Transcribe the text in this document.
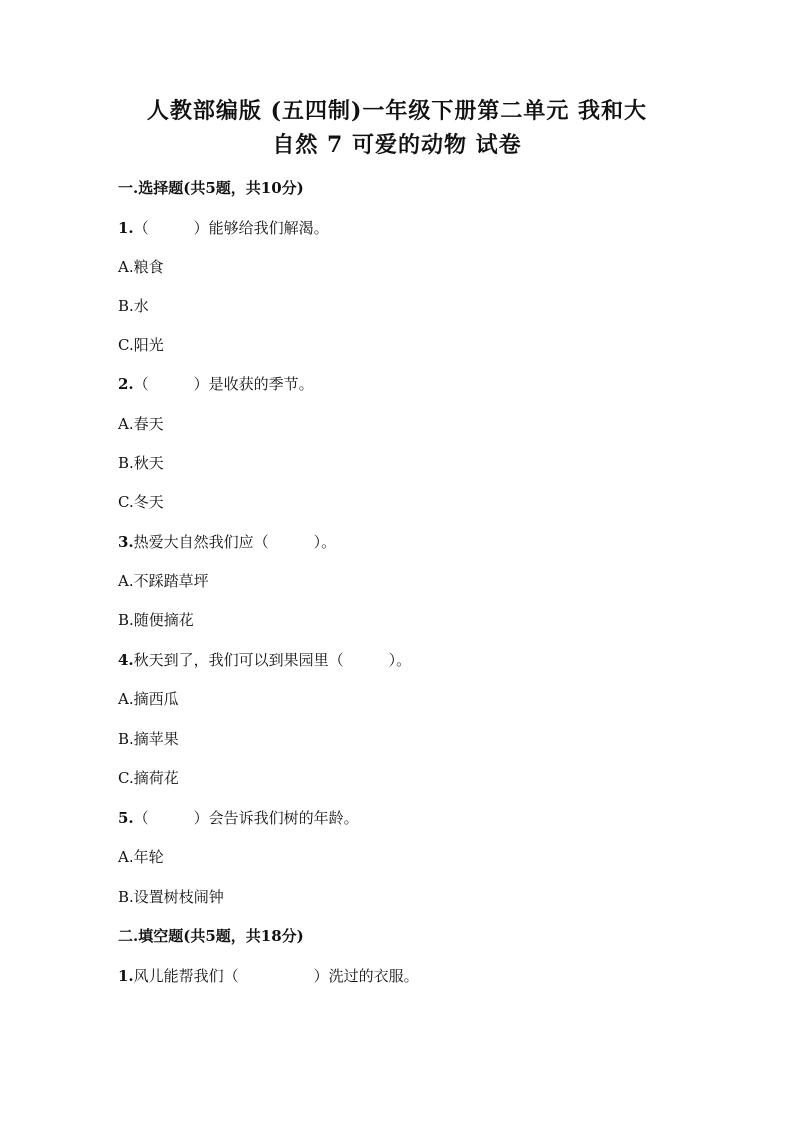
人教部编版 (五四制)一年级下册第二单元 我和大
自然 7 可爱的动物 试卷
一.选择题(共5题，共10分)
1.（　　　）能够给我们解渴。
A.粮食
B.水
C.阳光
2.（　　　）是收获的季节。
A.春天
B.秋天
C.冬天
3.热爱大自然我们应（　　　）。
A.不踩踏草坪
B.随便摘花
4.秋天到了，我们可以到果园里（　　　）。
A.摘西瓜
B.摘苹果
C.摘荷花
5.（　　　）会告诉我们树的年龄。
A.年轮
B.设置树枝闹钟
二.填空题(共5题，共18分)
1.风儿能帮我们（　　　　　）洗过的衣服。
